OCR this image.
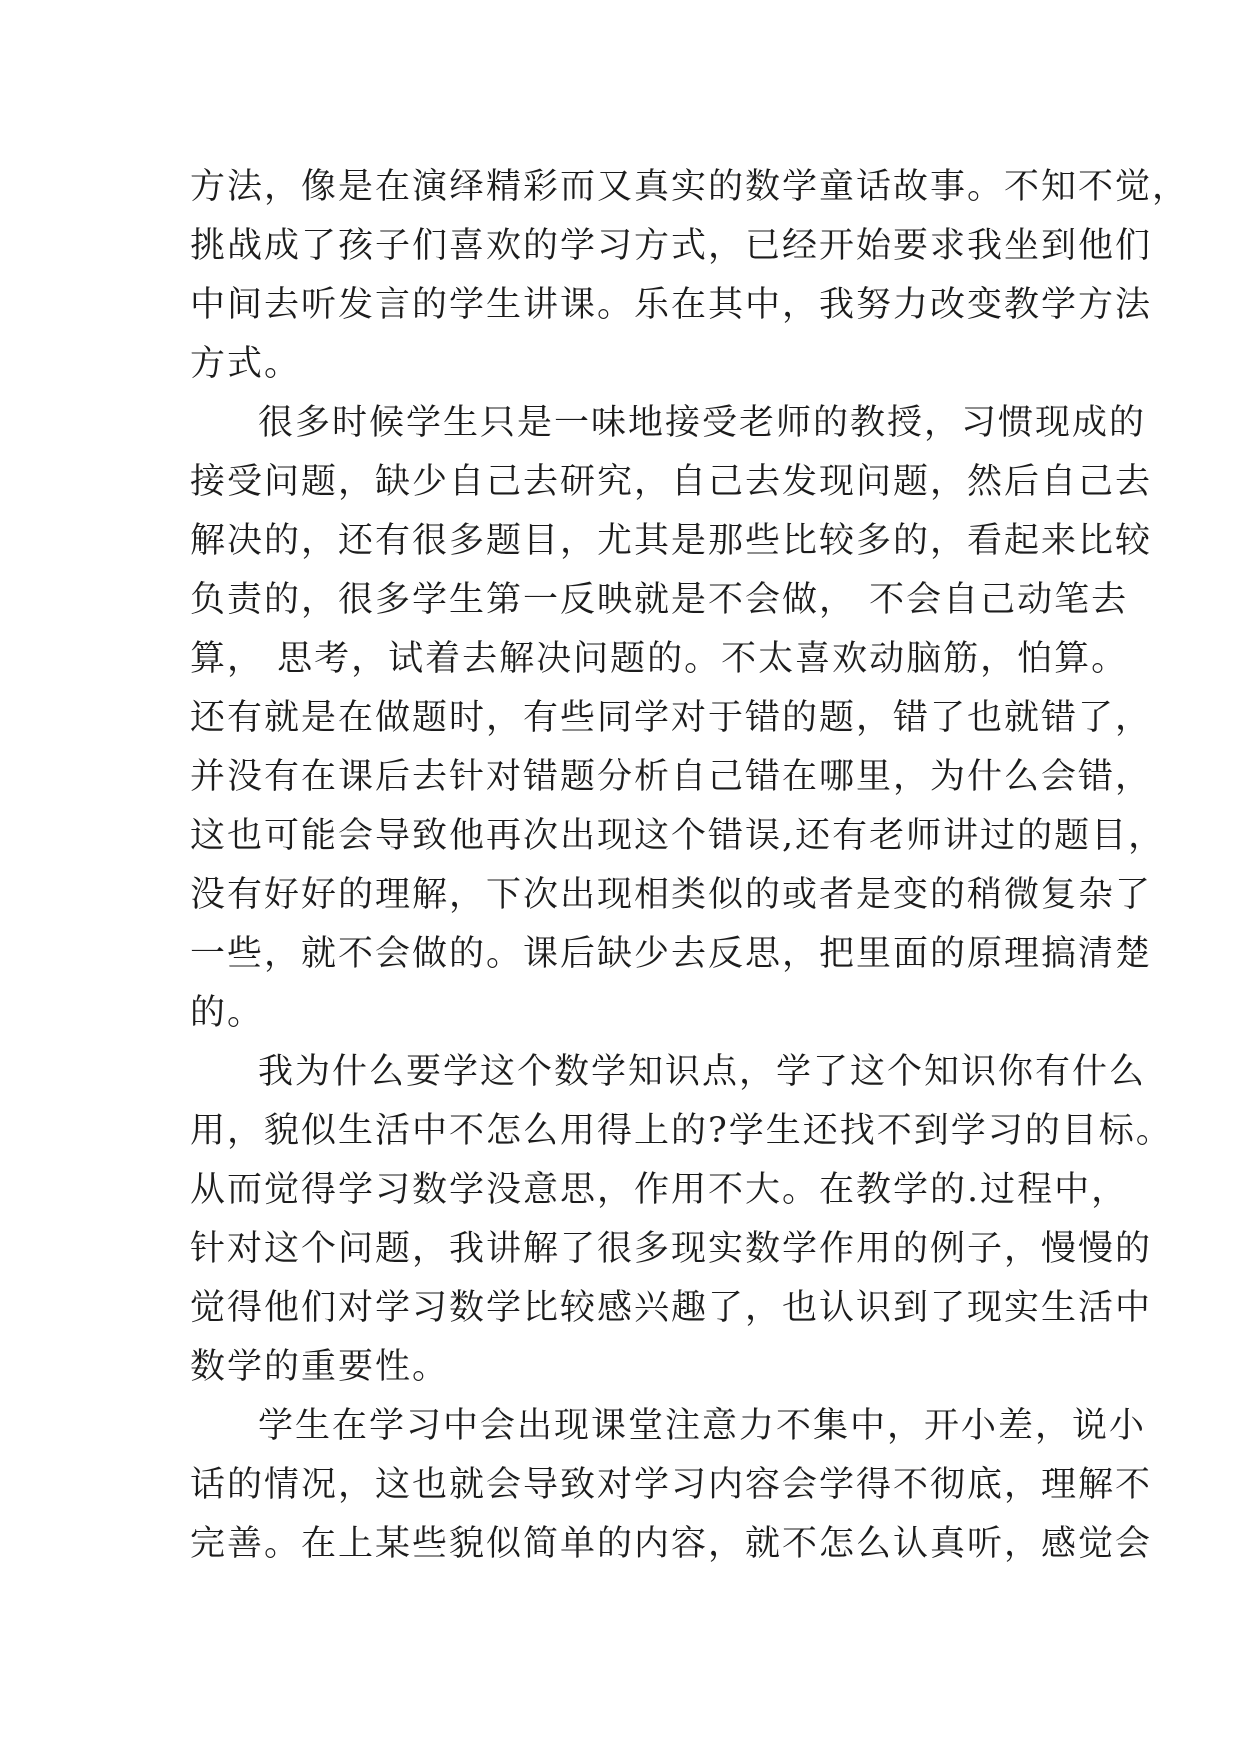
方法，像是在演绎精彩而又真实的数学童话故事。不知不觉，
挑战成了孩子们喜欢的学习方式，已经开始要求我坐到他们
中间去听发言的学生讲课。乐在其中，我努力改变教学方法
方式。
很多时候学生只是一味地接受老师的教授，习惯现成的
接受问题，缺少自己去研究，自己去发现问题，然后自己去
解决的，还有很多题目，尤其是那些比较多的，看起来比较
负责的，很多学生第一反映就是不会做， 不会自己动笔去
算， 思考，试着去解决问题的。不太喜欢动脑筋，怕算。
还有就是在做题时，有些同学对于错的题，错了也就错了，
并没有在课后去针对错题分析自己错在哪里，为什么会错，
这也可能会导致他再次出现这个错误,还有老师讲过的题目，
没有好好的理解，下次出现相类似的或者是变的稍微复杂了
一些，就不会做的。课后缺少去反思，把里面的原理搞清楚
的。
我为什么要学这个数学知识点，学了这个知识你有什么
用，貌似生活中不怎么用得上的?学生还找不到学习的目标。
从而觉得学习数学没意思，作用不大。在教学的.过程中，
针对这个问题，我讲解了很多现实数学作用的例子，慢慢的
觉得他们对学习数学比较感兴趣了，也认识到了现实生活中
数学的重要性。
学生在学习中会出现课堂注意力不集中，开小差，说小
话的情况，这也就会导致对学习内容会学得不彻底，理解不
完善。在上某些貌似简单的内容，就不怎么认真听，感觉会
